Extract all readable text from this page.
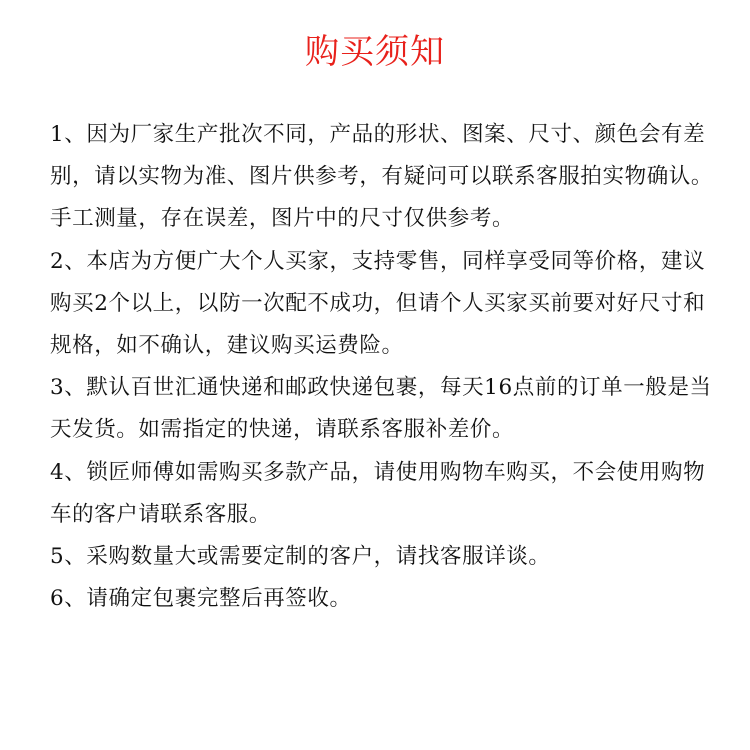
购买须知

1、因为厂家生产批次不同，产品的形状、图案、尺寸、颜色会有差别，请以实物为准、图片供参考，有疑问可以联系客服拍实物确认。

手工测量，存在误差，图片中的尺寸仅供参考。

2、本店为方便广大个人买家，支持零售，同样享受同等价格，建议购买2个以上，以防一次配不成功，但请个人买家买前要对好尺寸和规格，如不确认，建议购买运费险。

3、默认百世汇通快递和邮政快递包裹，每天16点前的订单一般是当天发货。如需指定的快递，请联系客服补差价。

4、锁匠师傅如需购买多款产品，请使用购物车购买，不会使用购物车的客户请联系客服。

5、采购数量大或需要定制的客户，请找客服详谈。

6、请确定包裹完整后再签收。
